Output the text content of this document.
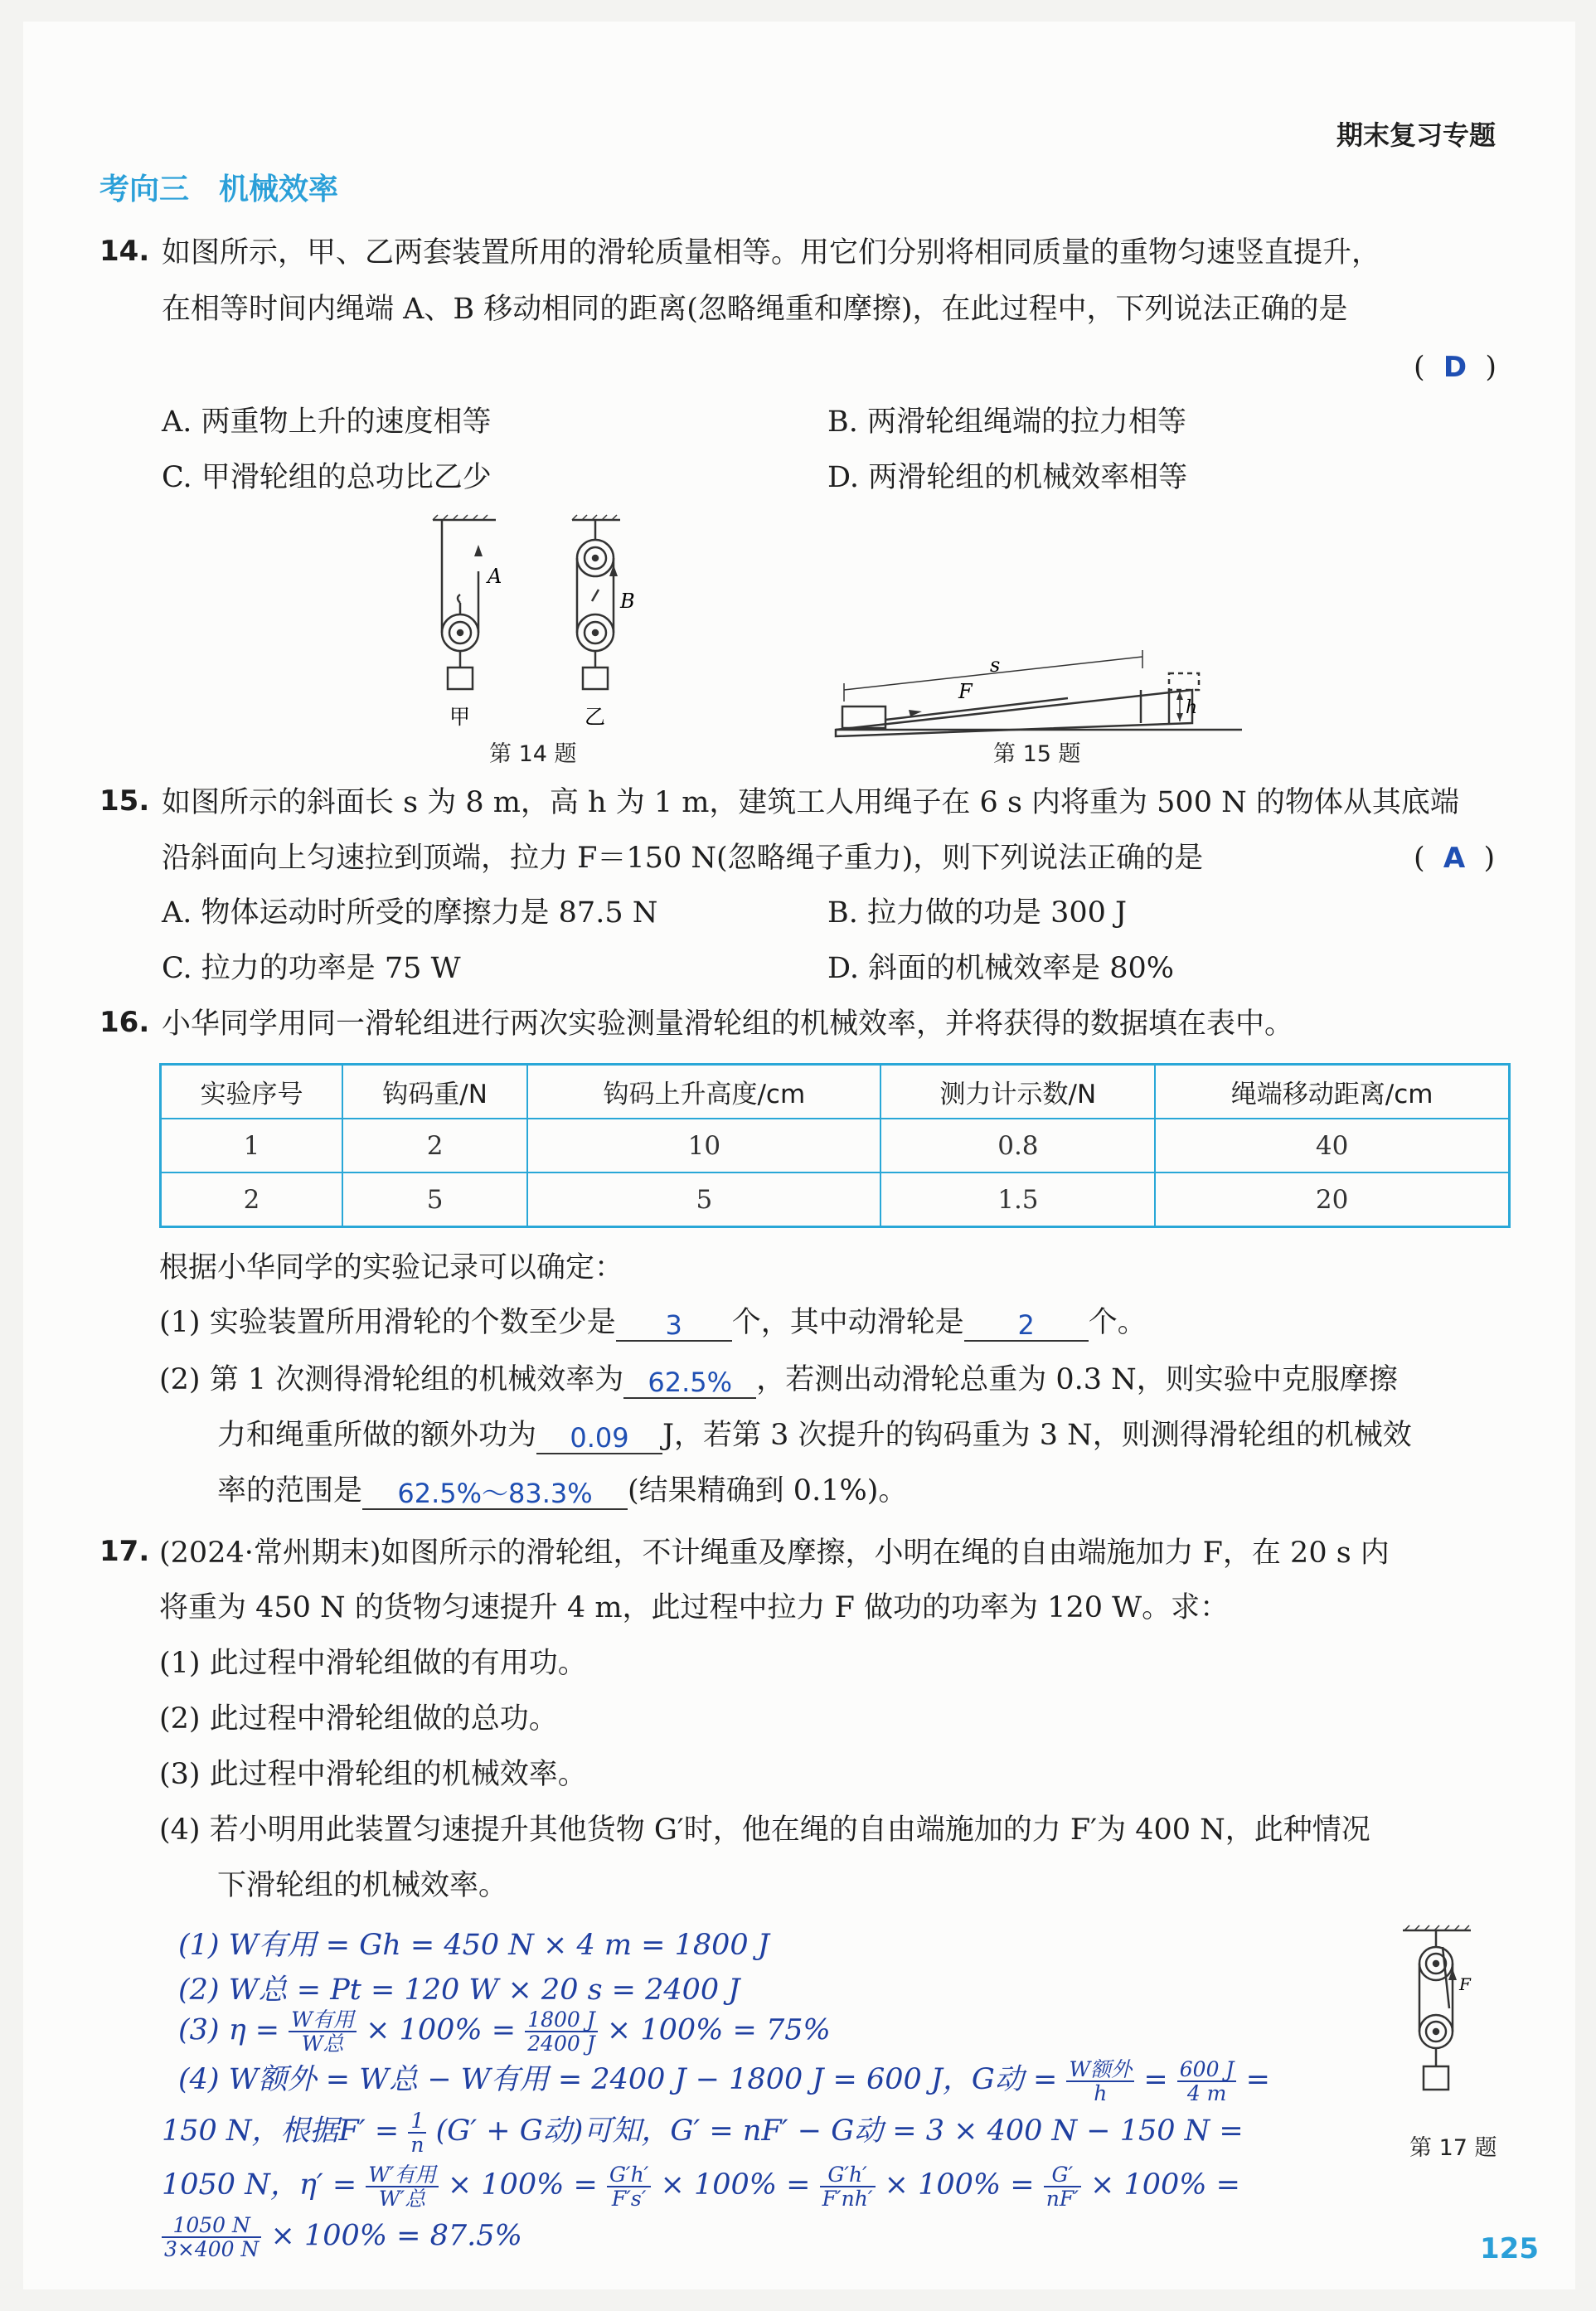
期末复习专题
考向三　机械效率
14. 如图所示，甲、乙两套装置所用的滑轮质量相等。用它们分别将相同质量的重物匀速竖直提升，
在相等时间内绳端 A、B 移动相同的距离(忽略绳重和摩擦)，在此过程中，下列说法正确的是
(  D  )
A. 两重物上升的速度相等	B. 两滑轮组绳端的拉力相等
C. 甲滑轮组的总功比乙少	D. 两滑轮组的机械效率相等
A
B
甲	乙
第 14 题
s
F
h
第 15 题
15. 如图所示的斜面长 s 为 8 m，高 h 为 1 m，建筑工人用绳子在 6 s 内将重为 500 N 的物体从其底端
沿斜面向上匀速拉到顶端，拉力 F＝150 N(忽略绳子重力)，则下列说法正确的是	(  A  )
A. 物体运动时所受的摩擦力是 87.5 N	B. 拉力做的功是 300 J
C. 拉力的功率是 75 W	D. 斜面的机械效率是 80%
16. 小华同学用同一滑轮组进行两次实验测量滑轮组的机械效率，并将获得的数据填在表中。
实验序号	钩码重/N	钩码上升高度/cm	测力计示数/N	绳端移动距离/cm
1	2	10	0.8	40
2	5	5	1.5	20
根据小华同学的实验记录可以确定：
(1) 实验装置所用滑轮的个数至少是 3 个，其中动滑轮是 2 个。
(2) 第 1 次测得滑轮组的机械效率为 62.5% ，若测出动滑轮总重为 0.3 N，则实验中克服摩擦
力和绳重所做的额外功为 0.09 J，若第 3 次提升的钩码重为 3 N，则测得滑轮组的机械效
率的范围是 62.5%～83.3% (结果精确到 0.1%)。
17. (2024·常州期末)如图所示的滑轮组，不计绳重及摩擦，小明在绳的自由端施加力 F，在 20 s 内
将重为 450 N 的货物匀速提升 4 m，此过程中拉力 F 做功的功率为 120 W。求：
(1) 此过程中滑轮组做的有用功。
(2) 此过程中滑轮组做的总功。
(3) 此过程中滑轮组的机械效率。
(4) 若小明用此装置匀速提升其他货物 G′时，他在绳的自由端施加的力 F′为 400 N，此种情况
下滑轮组的机械效率。
F
第 17 题
(1) W有用 = Gh = 450 N × 4 m = 1800 J
(2) W总 = Pt = 120 W × 20 s = 2400 J
(3) $\eta = \frac{\text{W有用}}{\text{W总}} \times 100\% = \frac{1800 J}{2400 J} \times 100\% = 75\%$
(4) W额外 = W总 − W有用 = 2400 J − 1800 J = 600 J，G动 = $\frac{\text{W额外}}{h} = \frac{600 J}{4 m}$ =
150 N，根据$F' = \frac{1}{n} (G' + G$动)可知，G′ = nF′ − G动 = 3 × 400 N − 150 N =
1050 N，$\eta' = \frac{\text{W′有用}}{\text{W′总}} \times 100\% = \frac{G'h'}{F's'} \times 100\% = \frac{G'h'}{F'nh'} \times 100\% = \frac{G'}{nF'} \times 100\%$ =
$\frac{1050 N}{3\times 400 N} \times 100\% = 87.5\%$	125
